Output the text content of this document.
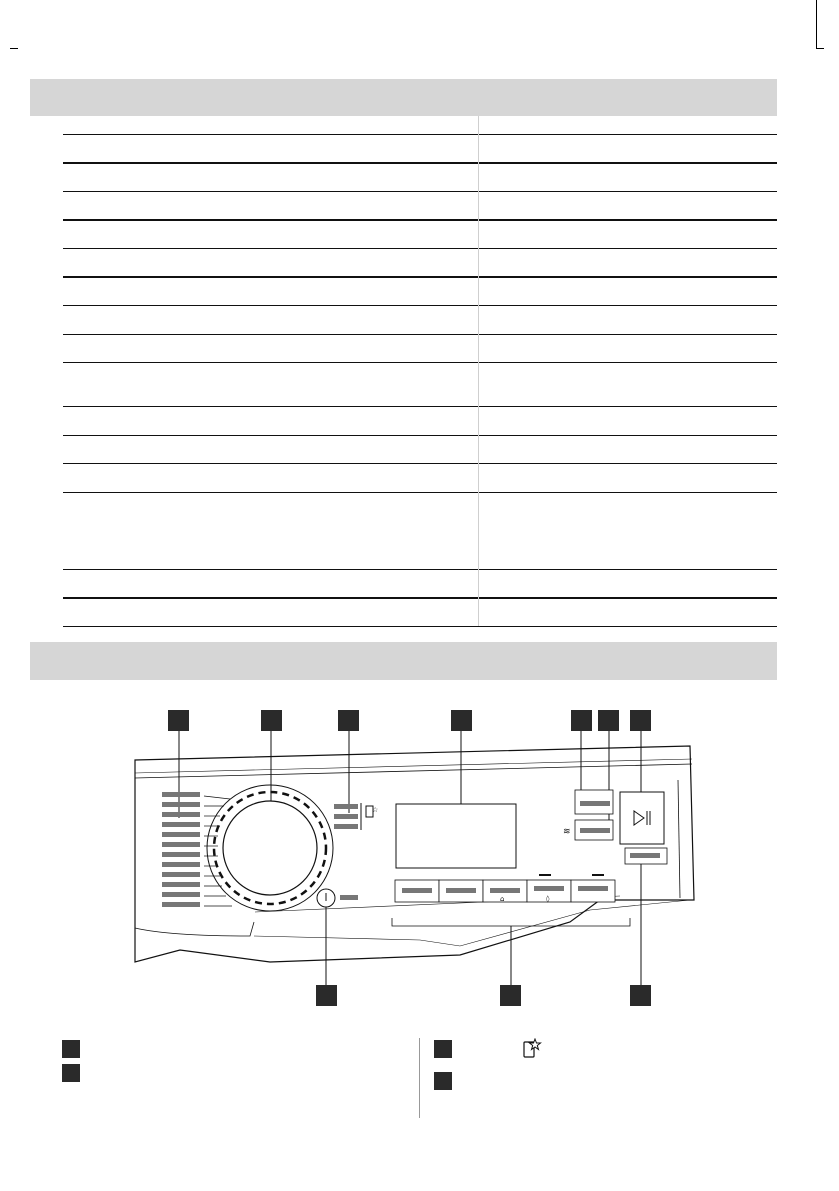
☆
≋
⌂	◊
